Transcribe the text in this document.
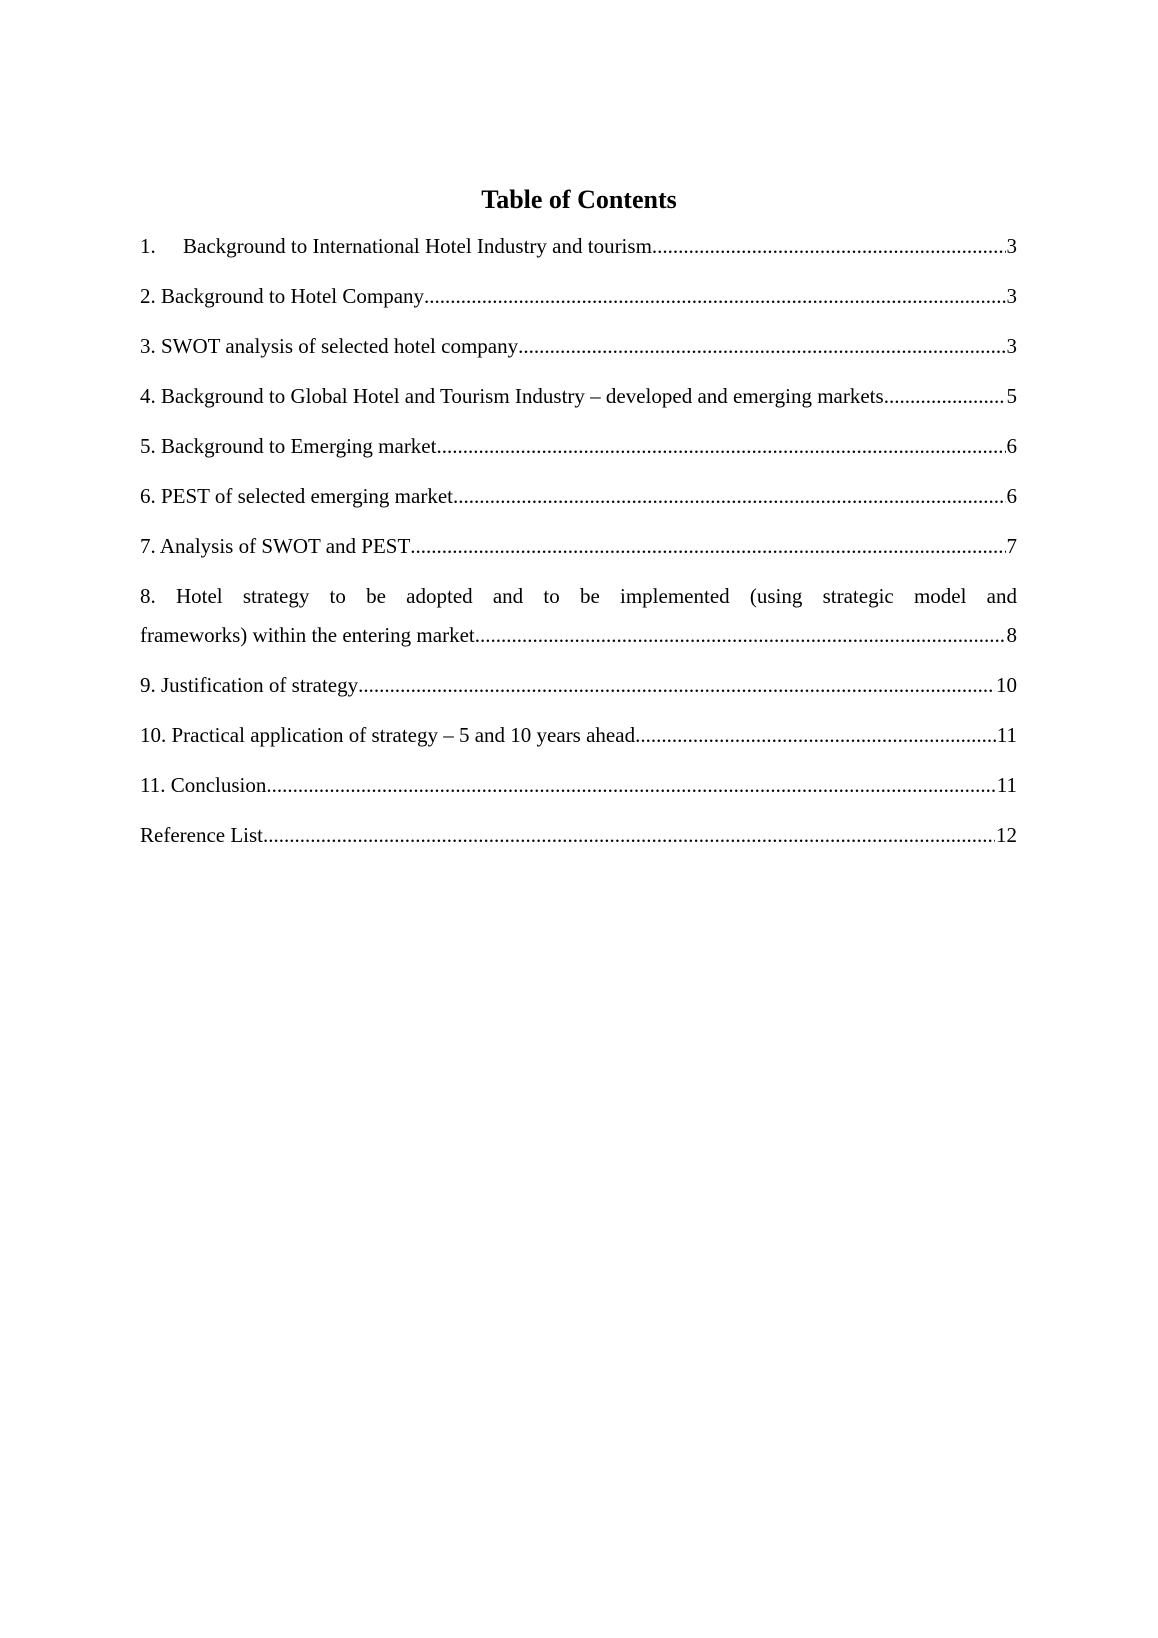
Table of Contents
1.	Background to International Hotel Industry and tourism .....	3
2. Background to Hotel Company .....	3
3. SWOT analysis of selected hotel company .....	3
4. Background to Global Hotel and Tourism Industry – developed and emerging markets .....	5
5. Background to Emerging market .....	6
6. PEST of selected emerging market .....	6
7. Analysis of SWOT and PEST .....	7
8. Hotel strategy to be adopted and to be implemented (using strategic model and
frameworks) within the entering market .....	8
9. Justification of strategy .....	10
10. Practical application of strategy – 5 and 10 years ahead .....	11
11. Conclusion .....	11
Reference List .....	12
